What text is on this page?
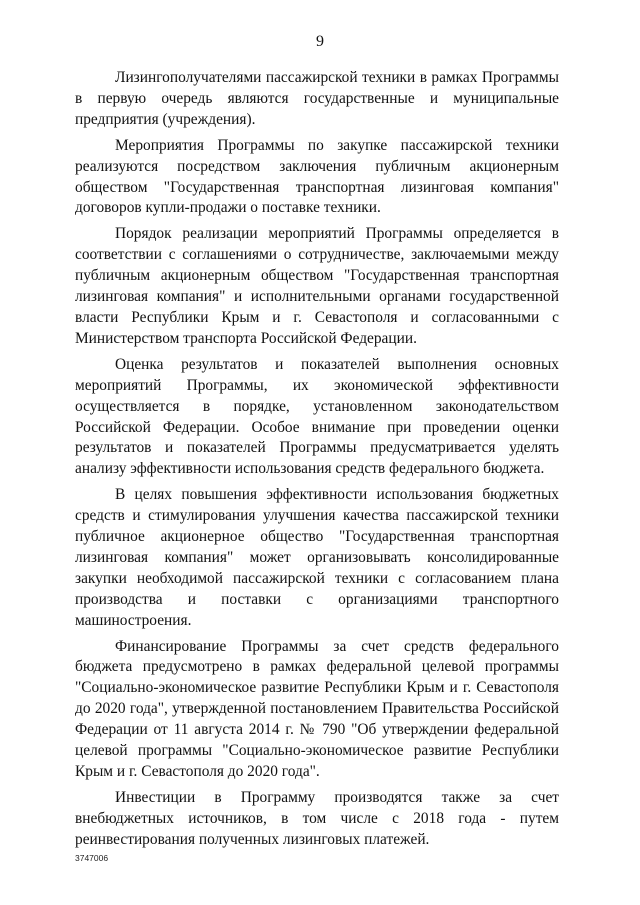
9

Лизингополучателями пассажирской техники в рамках Программы в первую очередь являются государственные и муниципальные предприятия (учреждения).

Мероприятия Программы по закупке пассажирской техники реализуются посредством заключения публичным акционерным обществом "Государственная транспортная лизинговая компания" договоров купли-продажи о поставке техники.

Порядок реализации мероприятий Программы определяется в соответствии с соглашениями о сотрудничестве, заключаемыми между публичным акционерным обществом "Государственная транспортная лизинговая компания" и исполнительными органами государственной власти Республики Крым и г. Севастополя и согласованными с Министерством транспорта Российской Федерации.

Оценка результатов и показателей выполнения основных мероприятий Программы, их экономической эффективности осуществляется в порядке, установленном законодательством Российской Федерации. Особое внимание при проведении оценки результатов и показателей Программы предусматривается уделять анализу эффективности использования средств федерального бюджета.

В целях повышения эффективности использования бюджетных средств и стимулирования улучшения качества пассажирской техники публичное акционерное общество "Государственная транспортная лизинговая компания" может организовывать консолидированные закупки необходимой пассажирской техники с согласованием плана производства и поставки с организациями транспортного машиностроения.

Финансирование Программы за счет средств федерального бюджета предусмотрено в рамках федеральной целевой программы "Социально-экономическое развитие Республики Крым и г. Севастополя до 2020 года", утвержденной постановлением Правительства Российской Федерации от 11 августа 2014 г. № 790 "Об утверждении федеральной целевой программы "Социально-экономическое развитие Республики Крым и г. Севастополя до 2020 года".

Инвестиции в Программу производятся также за счет внебюджетных источников, в том числе с 2018 года - путем реинвестирования полученных лизинговых платежей.

3747006
